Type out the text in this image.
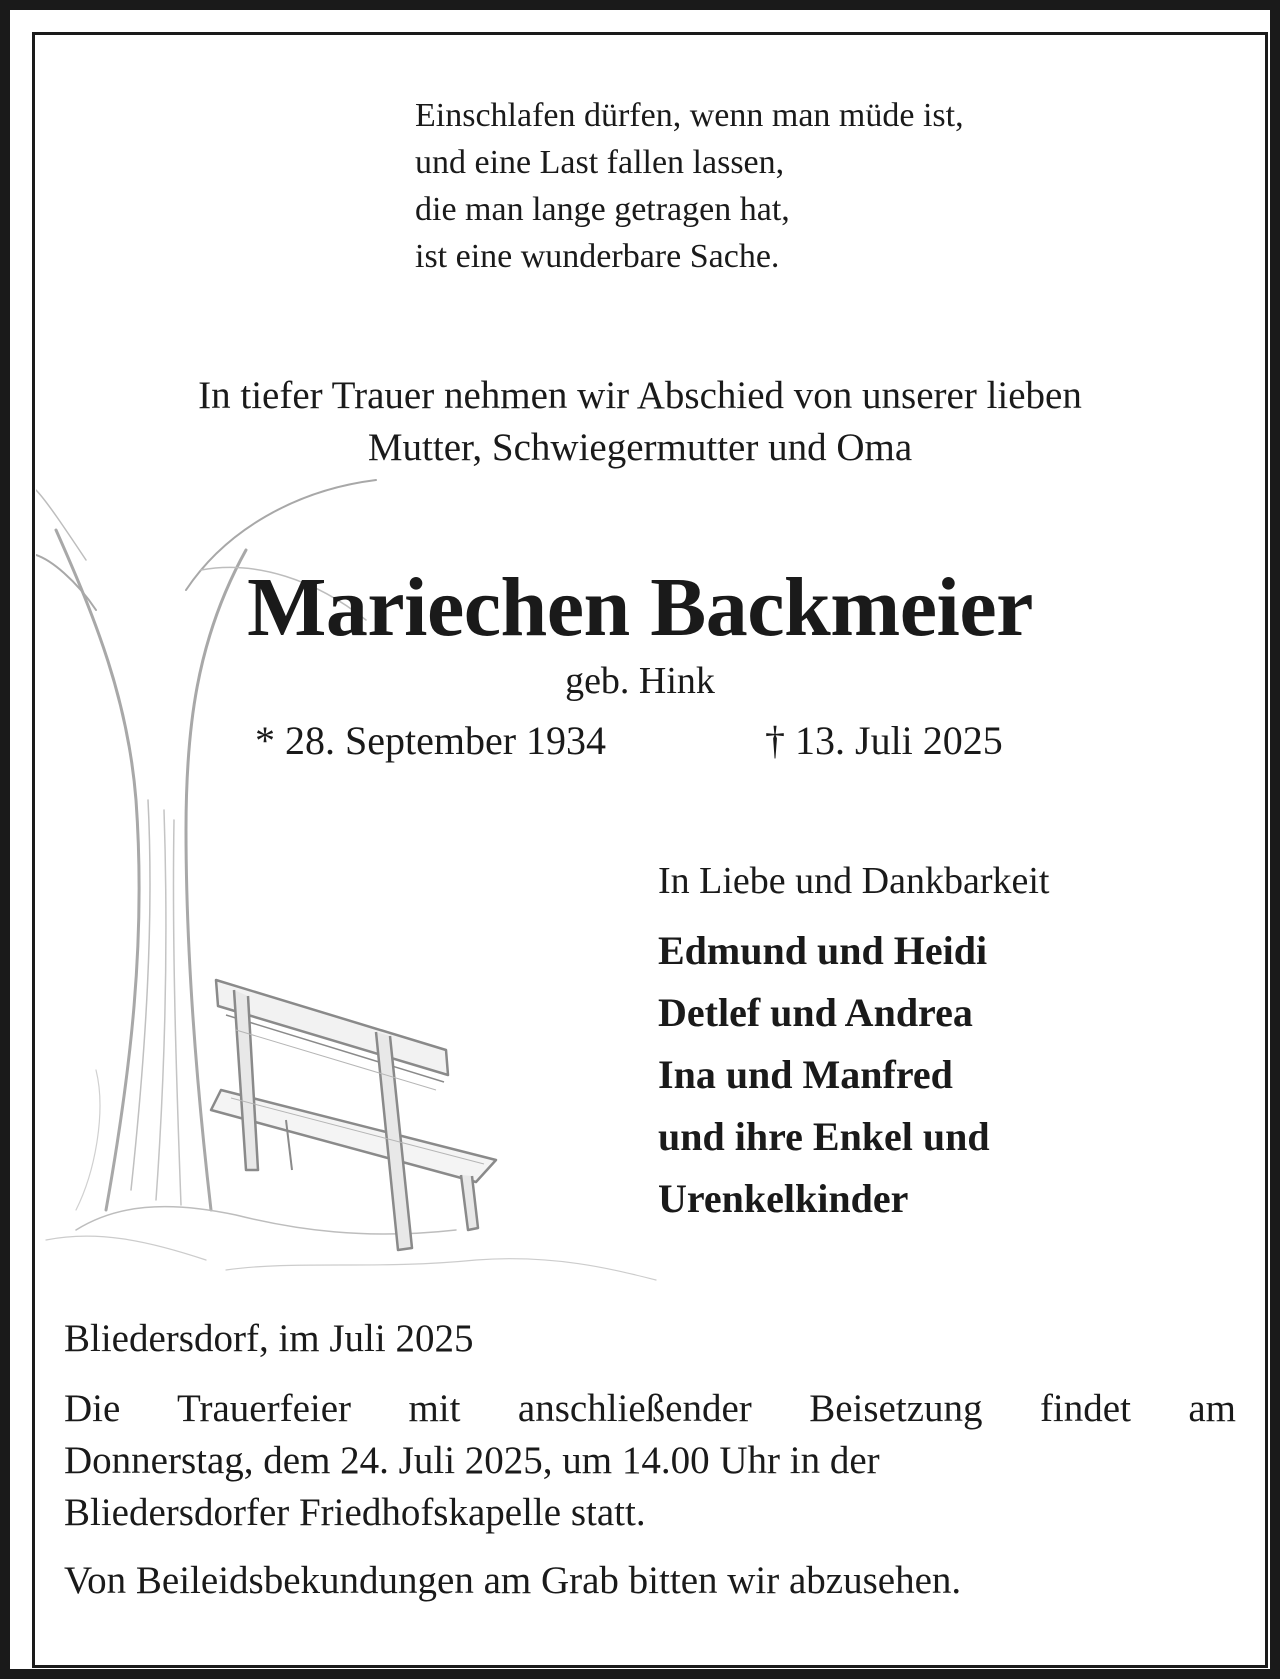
Einschlafen dürfen, wenn man müde ist,
und eine Last fallen lassen,
die man lange getragen hat,
ist eine wunderbare Sache.
In tiefer Trauer nehmen wir Abschied von unserer lieben
Mutter, Schwiegermutter und Oma
Mariechen Backmeier
geb. Hink
* 28. September 1934	† 13. Juli 2025
In Liebe und Dankbarkeit
Edmund und Heidi
Detlef und Andrea
Ina und Manfred
und ihre Enkel und
Urenkelkinder
Bliedersdorf, im Juli 2025
Die Trauerfeier mit anschließender Beisetzung findet am
Donnerstag, dem 24. Juli 2025, um 14.00 Uhr in der
Bliedersdorfer Friedhofskapelle statt.
Von Beileidsbekundungen am Grab bitten wir abzusehen.
